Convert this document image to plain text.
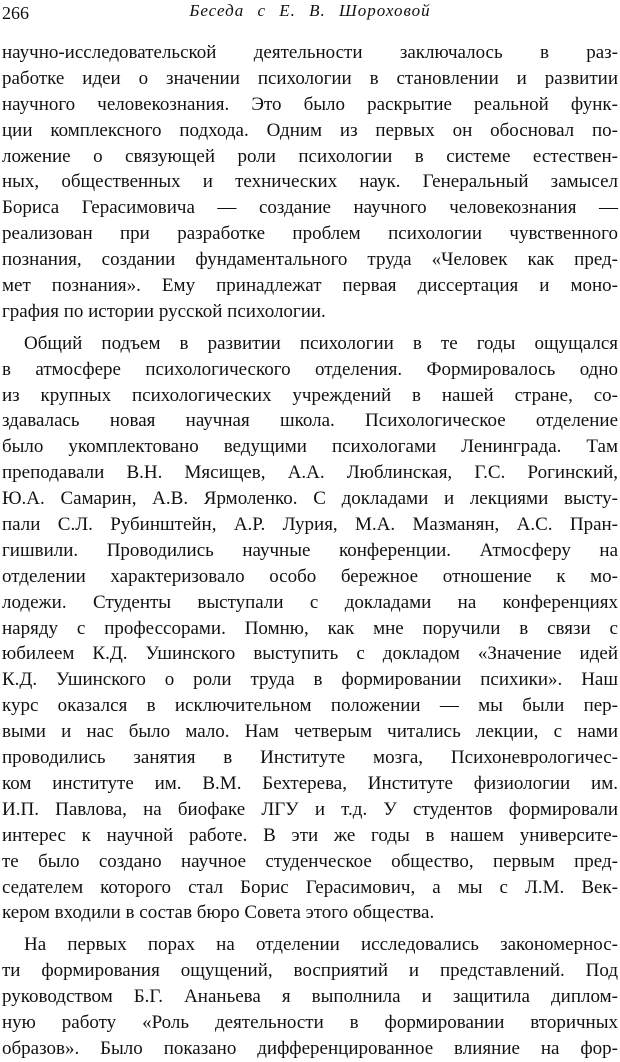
266	Беседа с Е. В. Шороховой
научно-исследовательской деятельности заключалось в раз-
работке идеи о значении психологии в становлении и развитии
научного человекознания. Это было раскрытие реальной функ-
ции комплексного подхода. Одним из первых он обосновал по-
ложение о связующей роли психологии в системе естествен-
ных, общественных и технических наук. Генеральный замысел
Бориса Герасимовича — создание научного человекознания —
реализован при разработке проблем психологии чувственного
познания, создании фундаментального труда «Человек как пред-
мет познания». Ему принадлежат первая диссертация и моно-
графия по истории русской психологии.
Общий подъем в развитии психологии в те годы ощущался
в атмосфере психологического отделения. Формировалось одно
из крупных психологических учреждений в нашей стране, со-
здавалась новая научная школа. Психологическое отделение
было укомплектовано ведущими психологами Ленинграда. Там
преподавали В.Н. Мясищев, А.А. Люблинская, Г.С. Рогинский,
Ю.А. Самарин, А.В. Ярмоленко. С докладами и лекциями высту-
пали С.Л. Рубинштейн, А.Р. Лурия, М.А. Мазманян, А.С. Пран-
гишвили. Проводились научные конференции. Атмосферу на
отделении характеризовало особо бережное отношение к мо-
лодежи. Студенты выступали с докладами на конференциях
наряду с профессорами. Помню, как мне поручили в связи с
юбилеем К.Д. Ушинского выступить с докладом «Значение идей
К.Д. Ушинского о роли труда в формировании психики». Наш
курс оказался в исключительном положении — мы были пер-
выми и нас было мало. Нам четверым читались лекции, с нами
проводились занятия в Институте мозга, Психоневрологичес-
ком институте им. В.М. Бехтерева, Институте физиологии им.
И.П. Павлова, на биофаке ЛГУ и т.д. У студентов формировали
интерес к научной работе. В эти же годы в нашем университе-
те было создано научное студенческое общество, первым пред-
седателем которого стал Борис Герасимович, а мы с Л.М. Век-
кером входили в состав бюро Совета этого общества.
На первых порах на отделении исследовались закономернос-
ти формирования ощущений, восприятий и представлений. Под
руководством Б.Г. Ананьева я выполнила и защитила диплом-
ную работу «Роль деятельности в формировании вторичных
образов». Было показано дифференцированное влияние на фор-
